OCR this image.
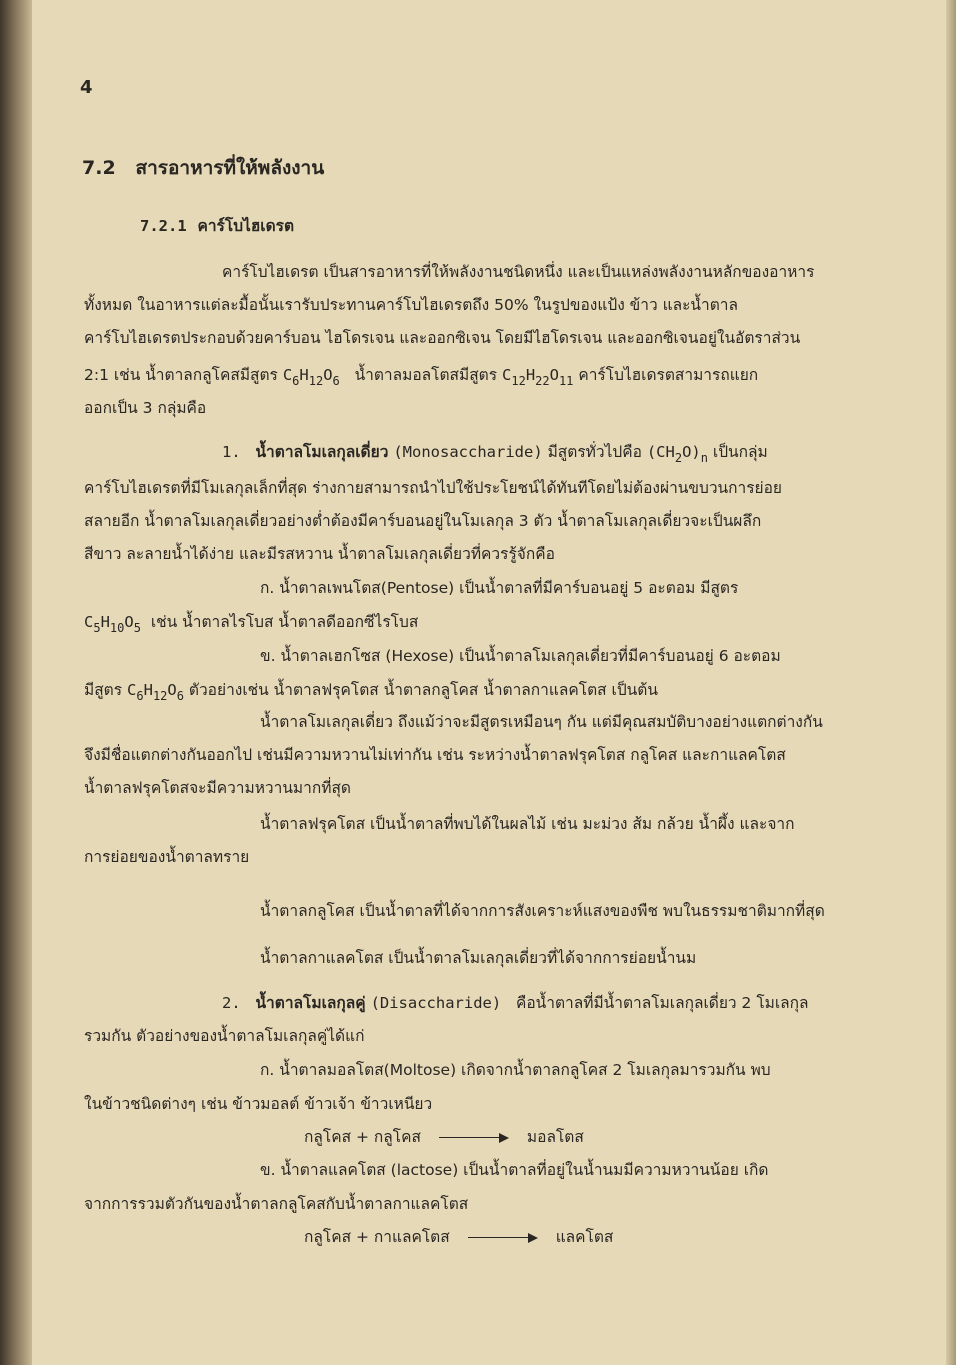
4
7.2 สารอาหารที่ให้พลังงาน
7.2.1 คาร์โบไฮเดรต
คาร์โบไฮเดรต เป็นสารอาหารที่ให้พลังงานชนิดหนึ่ง และเป็นแหล่งพลังงานหลักของอาหาร
ทั้งหมด ในอาหารแต่ละมื้อนั้นเรารับประทานคาร์โบไฮเดรตถึง 50% ในรูปของแป้ง ข้าว และน้ำตาล
คาร์โบไฮเดรตประกอบด้วยคาร์บอน ไฮโดรเจน และออกซิเจน โดยมีไฮโดรเจน และออกซิเจนอยู่ในอัตราส่วน
2:1 เช่น น้ำตาลกลูโคสมีสูตร $C_6H_{12}O_6$ น้ำตาลมอลโตสมีสูตร $C_{12}H_{22}O_{11}$ คาร์โบไฮเดรตสามารถแยก
ออกเป็น 3 กลุ่มคือ
1. น้ำตาลโมเลกุลเดี่ยว (Monosaccharide) มีสูตรทั่วไปคือ $(CH_2O)_n$ เป็นกลุ่ม
คาร์โบไฮเดรตที่มีโมเลกุลเล็กที่สุด ร่างกายสามารถนำไปใช้ประโยชน์ได้ทันทีโดยไม่ต้องผ่านขบวนการย่อย
สลายอีก น้ำตาลโมเลกุลเดี่ยวอย่างต่ำต้องมีคาร์บอนอยู่ในโมเลกุล 3 ตัว น้ำตาลโมเลกุลเดี่ยวจะเป็นผลึก
สีขาว ละลายน้ำได้ง่าย และมีรสหวาน น้ำตาลโมเลกุลเดี่ยวที่ควรรู้จักคือ
ก. น้ำตาลเพนโตส(Pentose) เป็นน้ำตาลที่มีคาร์บอนอยู่ 5 อะตอม มีสูตร
$C_5H_{10}O_5$ เช่น น้ำตาลไรโบส น้ำตาลดีออกซีไรโบส
ข. น้ำตาลเฮกโซส (Hexose) เป็นน้ำตาลโมเลกุลเดี่ยวที่มีคาร์บอนอยู่ 6 อะตอม
มีสูตร $C_6H_{12}O_6$ ตัวอย่างเช่น น้ำตาลฟรุคโตส น้ำตาลกลูโคส น้ำตาลกาแลคโตส เป็นต้น
น้ำตาลโมเลกุลเดี่ยว ถึงแม้ว่าจะมีสูตรเหมือนๆ กัน แต่มีคุณสมบัติบางอย่างแตกต่างกัน
จึงมีชื่อแตกต่างกันออกไป เช่นมีความหวานไม่เท่ากัน เช่น ระหว่างน้ำตาลฟรุคโตส กลูโคส และกาแลคโตส
น้ำตาลฟรุคโตสจะมีความหวานมากที่สุด
น้ำตาลฟรุคโตส เป็นน้ำตาลที่พบได้ในผลไม้ เช่น มะม่วง ส้ม กล้วย น้ำผึ้ง และจาก
การย่อยของน้ำตาลทราย
น้ำตาลกลูโคส เป็นน้ำตาลที่ได้จากการสังเคราะห์แสงของพืช พบในธรรมชาติมากที่สุด
น้ำตาลกาแลคโตส เป็นน้ำตาลโมเลกุลเดี่ยวที่ได้จากการย่อยน้ำนม
2. น้ำตาลโมเลกุลคู่ (Disaccharide) คือน้ำตาลที่มีน้ำตาลโมเลกุลเดี่ยว 2 โมเลกุล
รวมกัน ตัวอย่างของน้ำตาลโมเลกุลคู่ได้แก่
ก. น้ำตาลมอลโตส(Moltose) เกิดจากน้ำตาลกลูโคส 2 โมเลกุลมารวมกัน พบ
ในข้าวชนิดต่างๆ เช่น ข้าวมอลต์ ข้าวเจ้า ข้าวเหนียว
กลูโคส + กลูโคส	มอลโตส
ข. น้ำตาลแลคโตส (lactose) เป็นน้ำตาลที่อยู่ในน้ำนมมีความหวานน้อย เกิด
จากการรวมตัวกันของน้ำตาลกลูโคสกับน้ำตาลกาแลคโตส
กลูโคส + กาแลคโตส	แลคโตส
